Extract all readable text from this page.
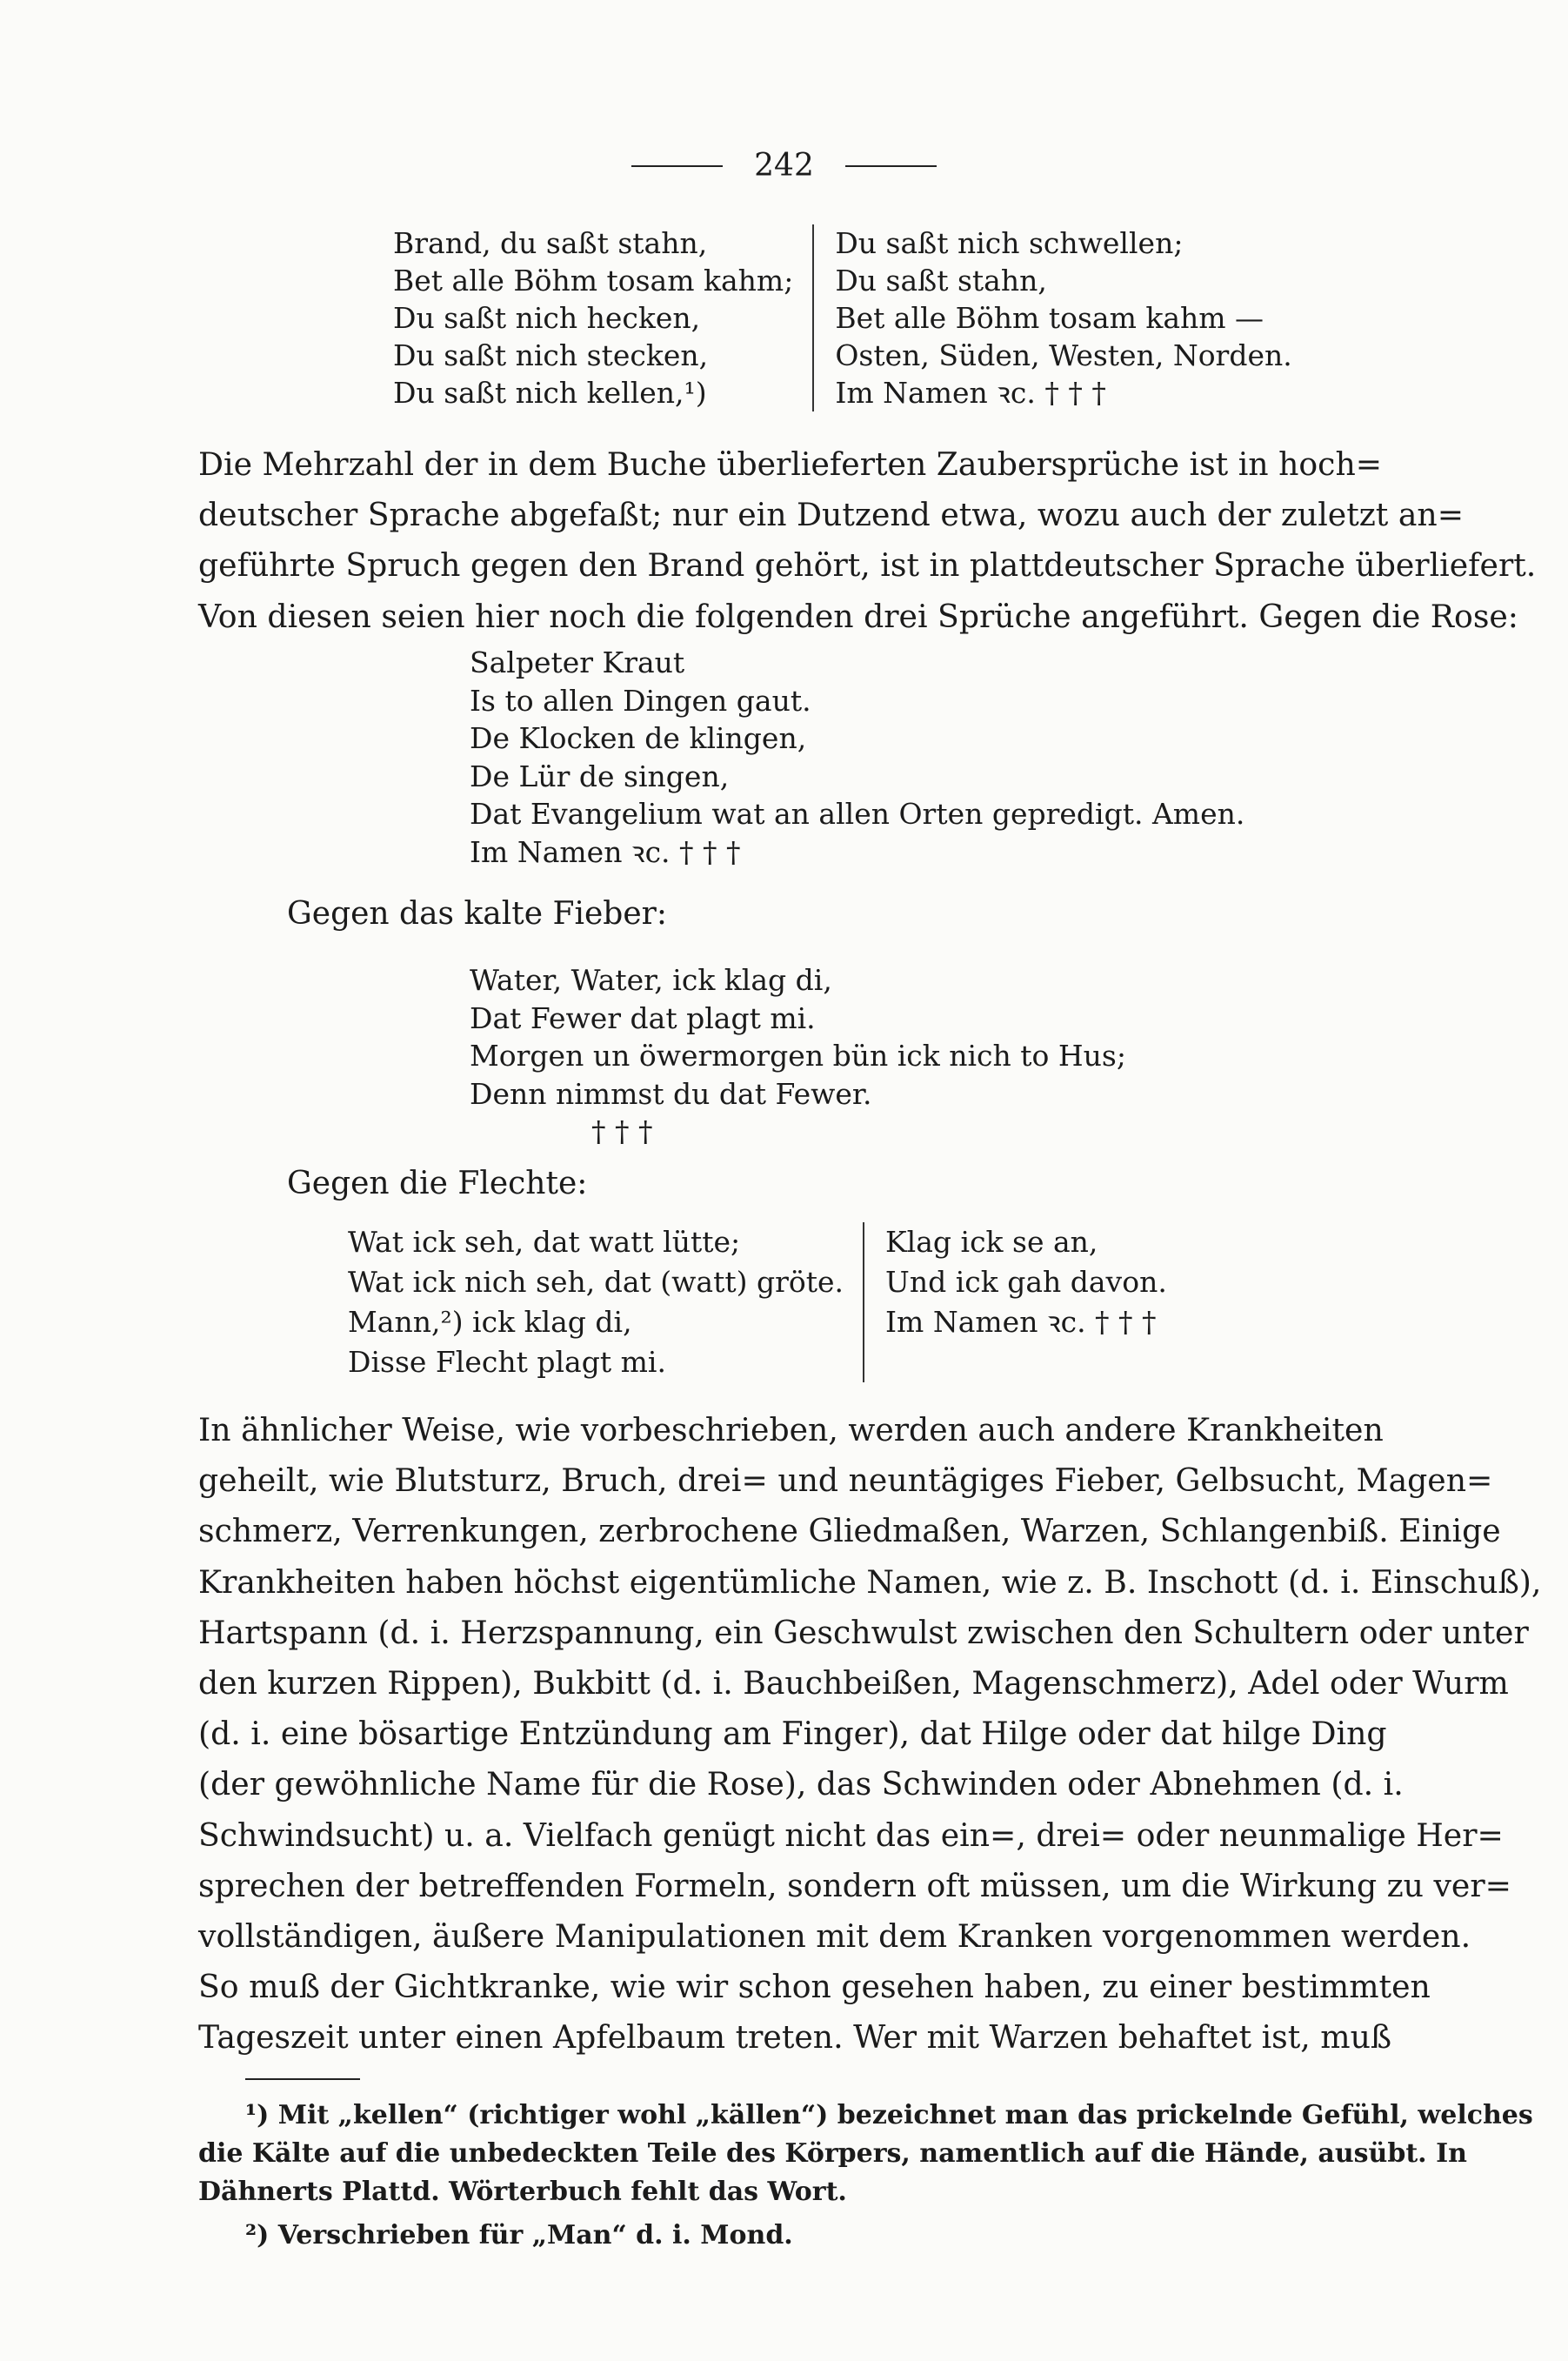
242
Brand, du saßt stahn,
Bet alle Böhm tosam kahm;
Du saßt nich hecken,
Du saßt nich stecken,
Du saßt nich kellen,¹)
Du saßt nich schwellen;
Du saßt stahn,
Bet alle Böhm tosam kahm —
Osten, Süden, Westen, Norden.
Im Namen ꝛc. † † †
Die Mehrzahl der in dem Buche überlieferten Zaubersprüche ist in hoch=
deutscher Sprache abgefaßt; nur ein Dutzend etwa, wozu auch der zuletzt an=
geführte Spruch gegen den Brand gehört, ist in plattdeutscher Sprache überliefert.
Von diesen seien hier noch die folgenden drei Sprüche angeführt. Gegen die Rose:
Salpeter Kraut
Is to allen Dingen gaut.
De Klocken de klingen,
De Lür de singen,
Dat Evangelium wat an allen Orten gepredigt. Amen.
Im Namen ꝛc. † † †
Gegen das kalte Fieber:
Water, Water, ick klag di,
Dat Fewer dat plagt mi.
Morgen un öwermorgen bün ick nich to Hus;
Denn nimmst du dat Fewer.
† † †
Gegen die Flechte:
Wat ick seh, dat watt lütte;
Wat ick nich seh, dat (watt) gröte.
Mann,²) ick klag di,
Disse Flecht plagt mi.
Klag ick se an,
Und ick gah davon.
Im Namen ꝛc. † † †
In ähnlicher Weise, wie vorbeschrieben, werden auch andere Krankheiten
geheilt, wie Blutsturz, Bruch, drei= und neuntägiges Fieber, Gelbsucht, Magen=
schmerz, Verrenkungen, zerbrochene Gliedmaßen, Warzen, Schlangenbiß. Einige
Krankheiten haben höchst eigentümliche Namen, wie z. B. Inschott (d. i. Einschuß),
Hartspann (d. i. Herzspannung, ein Geschwulst zwischen den Schultern oder unter
den kurzen Rippen), Bukbitt (d. i. Bauchbeißen, Magenschmerz), Adel oder Wurm
(d. i. eine bösartige Entzündung am Finger), dat Hilge oder dat hilge Ding
(der gewöhnliche Name für die Rose), das Schwinden oder Abnehmen (d. i.
Schwindsucht) u. a. Vielfach genügt nicht das ein=, drei= oder neunmalige Her=
sprechen der betreffenden Formeln, sondern oft müssen, um die Wirkung zu ver=
vollständigen, äußere Manipulationen mit dem Kranken vorgenommen werden.
So muß der Gichtkranke, wie wir schon gesehen haben, zu einer bestimmten
Tageszeit unter einen Apfelbaum treten. Wer mit Warzen behaftet ist, muß
¹) Mit „kellen“ (richtiger wohl „källen“) bezeichnet man das prickelnde Gefühl, welches
die Kälte auf die unbedeckten Teile des Körpers, namentlich auf die Hände, ausübt. In
Dähnerts Plattd. Wörterbuch fehlt das Wort.
²) Verschrieben für „Man“ d. i. Mond.
